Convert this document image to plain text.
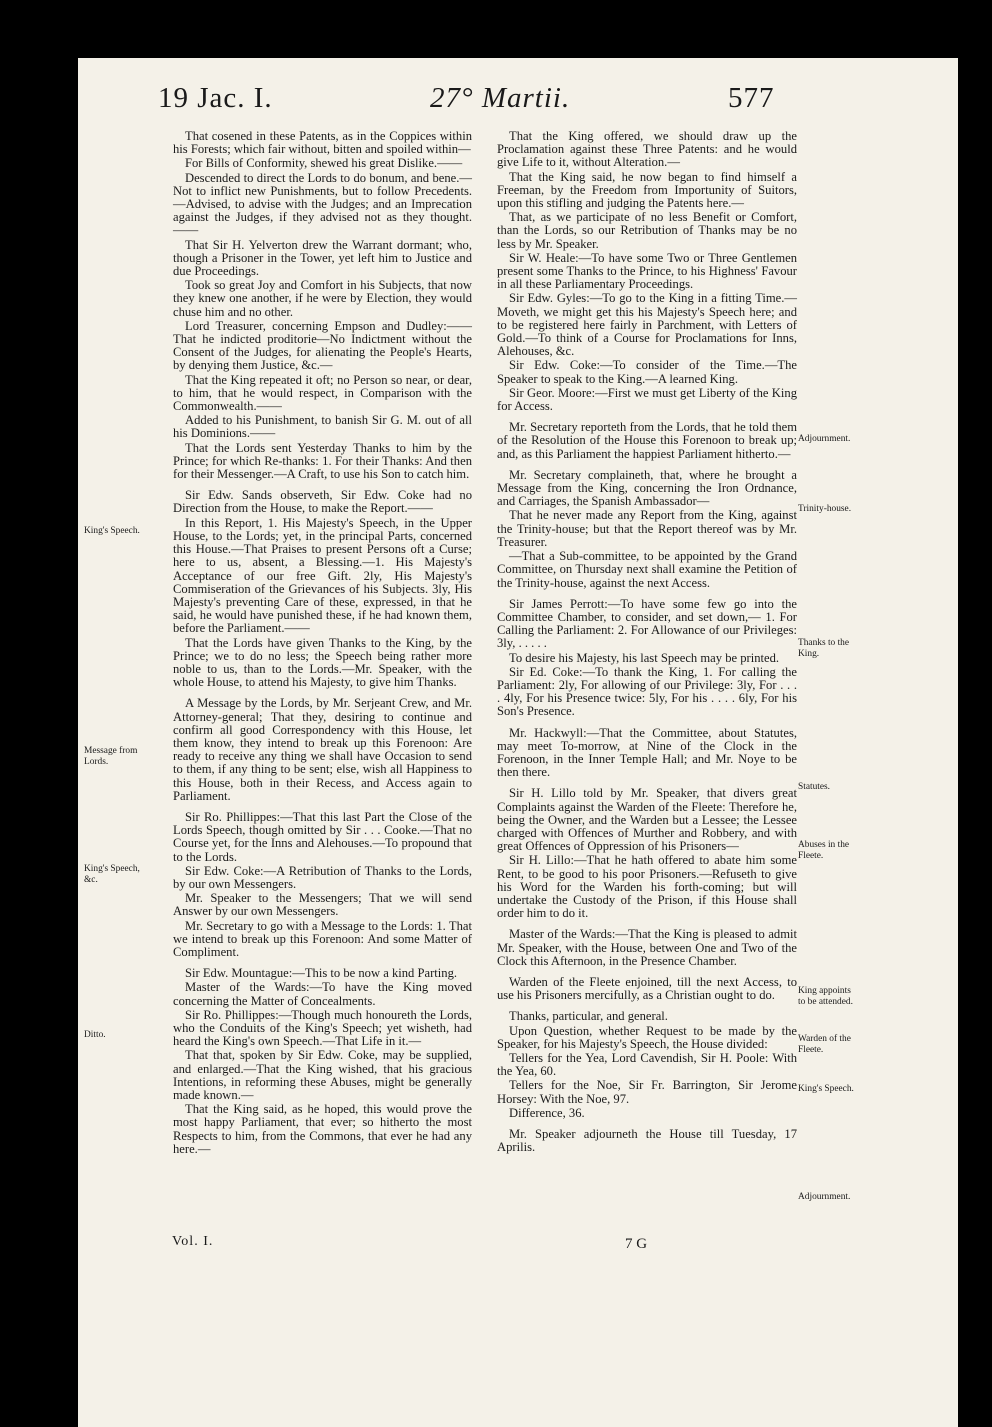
19 Jac. I.	27° Martii.	577

That cosened in these Patents, as in the Coppices within his Forests; which fair without, bitten and spoiled within—

For Bills of Conformity, shewed his great Dislike.——

Descended to direct the Lords to do bonum, and bene.—Not to inflict new Punishments, but to follow Precedents.—Advised, to advise with the Judges; and an Imprecation against the Judges, if they advised not as they thought.——

That Sir H. Yelverton drew the Warrant dormant; who, though a Prisoner in the Tower, yet left him to Justice and due Proceedings.

Took so great Joy and Comfort in his Subjects, that now they knew one another, if he were by Election, they would chuse him and no other.

Lord Treasurer, concerning Empson and Dudley:——That he indicted proditorie—No Indictment without the Consent of the Judges, for alienating the People's Hearts, by denying them Justice, &c.—

That the King repeated it oft; no Person so near, or dear, to him, that he would respect, in Comparison with the Commonwealth.——

Added to his Punishment, to banish Sir G. M. out of all his Dominions.——

That the Lords sent Yesterday Thanks to him by the Prince; for which Re-thanks: 1. For their Thanks: And then for their Messenger.—A Craft, to use his Son to catch him.

Sir Edw. Sands observeth, Sir Edw. Coke had no Direction from the House, to make the Report.——

In this Report, 1. His Majesty's Speech, in the Upper House, to the Lords; yet, in the principal Parts, concerned this House.—That Praises to present Persons oft a Curse; here to us, absent, a Blessing.—1. His Majesty's Acceptance of our free Gift. 2ly, His Majesty's Commiseration of the Grievances of his Subjects. 3ly, His Majesty's preventing Care of these, expressed, in that he said, he would have punished these, if he had known them, before the Parliament.——

That the Lords have given Thanks to the King, by the Prince; we to do no less; the Speech being rather more noble to us, than to the Lords.—Mr. Speaker, with the whole House, to attend his Majesty, to give him Thanks.

A Message by the Lords, by Mr. Serjeant Crew, and Mr. Attorney-general; That they, desiring to continue and confirm all good Correspondency with this House, let them know, they intend to break up this Forenoon: Are ready to receive any thing we shall have Occasion to send to them, if any thing to be sent; else, wish all Happiness to this House, both in their Recess, and Access again to Parliament.

Sir Ro. Phillippes:—That this last Part the Close of the Lords Speech, though omitted by Sir . . . Cooke.—That no Course yet, for the Inns and Alehouses.—To propound that to the Lords.

Sir Edw. Coke:—A Retribution of Thanks to the Lords, by our own Messengers.

Mr. Speaker to the Messengers; That we will send Answer by our own Messengers.

Mr. Secretary to go with a Message to the Lords: 1. That we intend to break up this Forenoon: And some Matter of Compliment.

Sir Edw. Mountague:—This to be now a kind Parting.

Master of the Wards:—To have the King moved concerning the Matter of Concealments.

Sir Ro. Phillippes:—Though much honoureth the Lords, who the Conduits of the King's Speech; yet wisheth, had heard the King's own Speech.—That Life in it.—

That that, spoken by Sir Edw. Coke, may be supplied, and enlarged.—That the King wished, that his gracious Intentions, in reforming these Abuses, might be generally made known.—

That the King said, as he hoped, this would prove the most happy Parliament, that ever; so hitherto the most Respects to him, from the Commons, that ever he had any here.—

That the King offered, we should draw up the Proclamation against these Three Patents: and he would give Life to it, without Alteration.—

That the King said, he now began to find himself a Freeman, by the Freedom from Importunity of Suitors, upon this stifling and judging the Patents here.—

That, as we participate of no less Benefit or Comfort, than the Lords, so our Retribution of Thanks may be no less by Mr. Speaker.

Sir W. Heale:—To have some Two or Three Gentlemen present some Thanks to the Prince, to his Highness' Favour in all these Parliamentary Proceedings.

Sir Edw. Gyles:—To go to the King in a fitting Time.—Moveth, we might get this his Majesty's Speech here; and to be registered here fairly in Parchment, with Letters of Gold.—To think of a Course for Proclamations for Inns, Alehouses, &c.

Sir Edw. Coke:—To consider of the Time.—The Speaker to speak to the King.—A learned King.

Sir Geor. Moore:—First we must get Liberty of the King for Access.

Mr. Secretary reporteth from the Lords, that he told them of the Resolution of the House this Forenoon to break up; and, as this Parliament the happiest Parliament hitherto.—

Mr. Secretary complaineth, that, where he brought a Message from the King, concerning the Iron Ordnance, and Carriages, the Spanish Ambassador—

That he never made any Report from the King, against the Trinity-house; but that the Report thereof was by Mr. Treasurer.

—That a Sub-committee, to be appointed by the Grand Committee, on Thursday next shall examine the Petition of the Trinity-house, against the next Access.

Sir James Perrott:—To have some few go into the Committee Chamber, to consider, and set down,— 1. For Calling the Parliament: 2. For Allowance of our Privileges: 3ly, . . . . .

To desire his Majesty, his last Speech may be printed.

Sir Ed. Coke:—To thank the King, 1. For calling the Parliament: 2ly, For allowing of our Privilege: 3ly, For . . . . 4ly, For his Presence twice: 5ly, For his . . . . 6ly, For his Son's Presence.

Mr. Hackwyll:—That the Committee, about Statutes, may meet To-morrow, at Nine of the Clock in the Forenoon, in the Inner Temple Hall; and Mr. Noye to be then there.

Sir H. Lillo told by Mr. Speaker, that divers great Complaints against the Warden of the Fleete: Therefore he, being the Owner, and the Warden but a Lessee; the Lessee charged with Offences of Murther and Robbery, and with great Offences of Oppression of his Prisoners—

Sir H. Lillo:—That he hath offered to abate him some Rent, to be good to his poor Prisoners.—Refuseth to give his Word for the Warden his forth-coming; but will undertake the Custody of the Prison, if this House shall order him to do it.

Master of the Wards:—That the King is pleased to admit Mr. Speaker, with the House, between One and Two of the Clock this Afternoon, in the Presence Chamber.

Warden of the Fleete enjoined, till the next Access, to use his Prisoners mercifully, as a Christian ought to do.

Thanks, particular, and general.

Upon Question, whether Request to be made by the Speaker, for his Majesty's Speech, the House divided:

Tellers for the Yea, Lord Cavendish, Sir H. Poole: With the Yea, 60.

Tellers for the Noe, Sir Fr. Barrington, Sir Jerome Horsey: With the Noe, 97.

Difference, 36.

Mr. Speaker adjourneth the House till Tuesday, 17 Aprilis.

King's Speech.
Message from Lords.
King's Speech, &c.
Ditto.
Adjournment.
Trinity-house.
Thanks to the King.
Statutes.
Abuses in the Fleete.
King appoints to be attended.
Warden of the Fleete.
King's Speech.
Adjournment.
Vol. I.	7 G
